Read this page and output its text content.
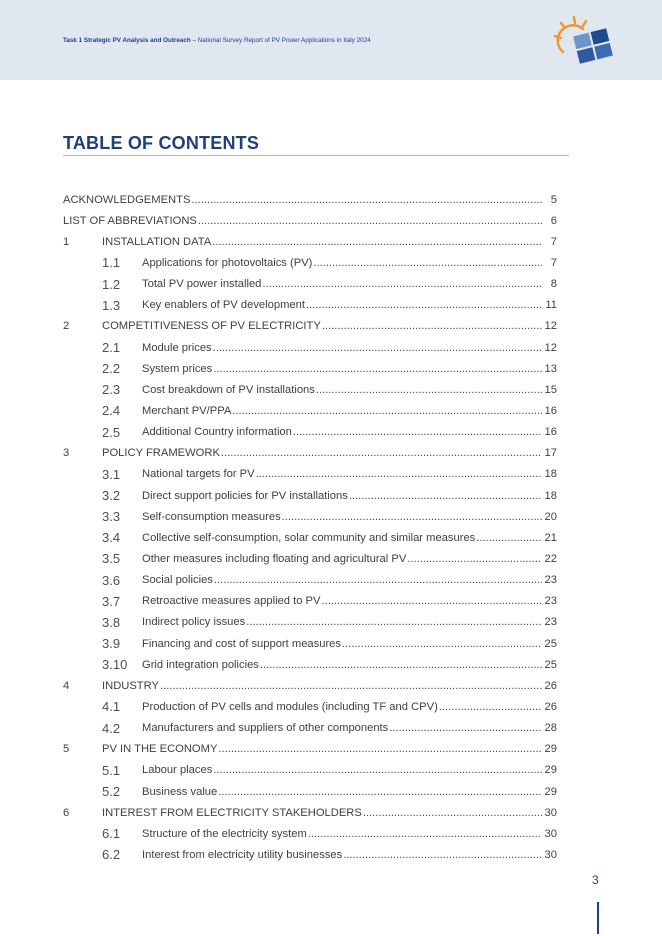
Task 1 Strategic PV Analysis and Outreach – National Survey Report of PV Power Applications in Italy 2024
TABLE OF CONTENTS
ACKNOWLEDGEMENTS .....	5
LIST OF ABBREVIATIONS .....	6
1	INSTALLATION DATA .....	7
1.1	Applications for photovoltaics (PV) .....	7
1.2	Total PV power installed .....	8
1.3	Key enablers of PV development .....	11
2	COMPETITIVENESS OF PV ELECTRICITY .....	12
2.1	Module prices .....	12
2.2	System prices .....	13
2.3	Cost breakdown of PV installations .....	15
2.4	Merchant PV/PPA .....	16
2.5	Additional Country information .....	16
3	POLICY FRAMEWORK .....	17
3.1	National targets for PV .....	18
3.2	Direct support policies for PV installations .....	18
3.3	Self-consumption measures .....	20
3.4	Collective self-consumption, solar community and similar measures .....	21
3.5	Other measures including floating and agricultural PV .....	22
3.6	Social policies .....	23
3.7	Retroactive measures applied to PV .....	23
3.8	Indirect policy issues .....	23
3.9	Financing and cost of support measures .....	25
3.10	Grid integration policies .....	25
4	INDUSTRY .....	26
4.1	Production of PV cells and modules (including TF and CPV) .....	26
4.2	Manufacturers and suppliers of other components .....	28
5	PV IN THE ECONOMY .....	29
5.1	Labour places .....	29
5.2	Business value .....	29
6	INTEREST FROM ELECTRICITY STAKEHOLDERS .....	30
6.1	Structure of the electricity system .....	30
6.2	Interest from electricity utility businesses .....	30
3
